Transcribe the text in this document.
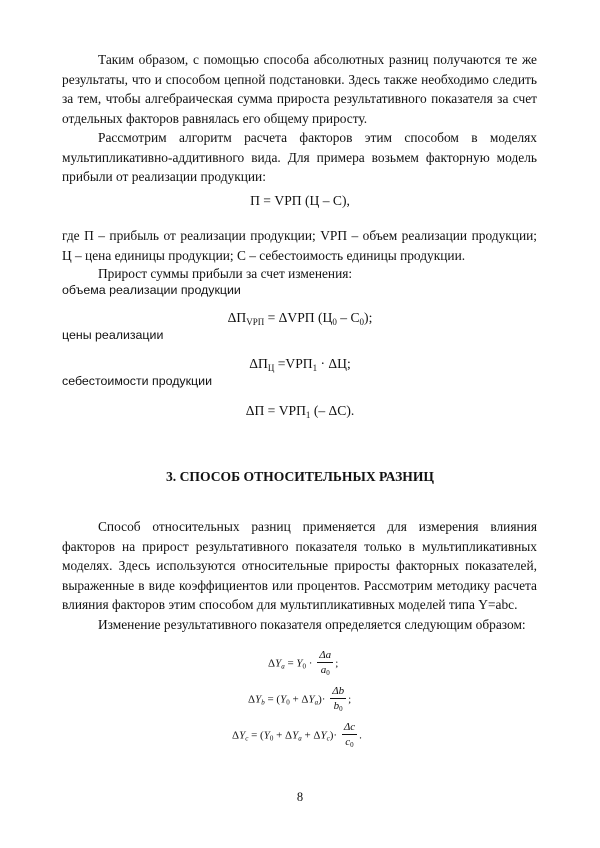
Таким образом, с помощью способа абсолютных разниц получаются те же результаты, что и способом цепной подстановки. Здесь также необходимо следить за тем, чтобы алгебраическая сумма прироста результативного показателя за счет отдельных факторов равнялась его общему приросту.

Рассмотрим алгоритм расчета факторов этим способом в моделях мультипликативно-аддитивного вида. Для примера возьмем факторную модель прибыли от реализации продукции:

П = VРП (Ц – С),

где П – прибыль от реализации продукции; VРП – объем реализации продукции; Ц – цена единицы продукции; С – себестоимость единицы продукции.

Прирост суммы прибыли за счет изменения:

объема реализации продукции

$\Delta П_{VРП} = \Delta VРП$ $(Ц_0 - С_0)$;

цены реализации

$\Delta П_Ц =VРП_1 \cdot \Delta Ц$;

себестоимости продукции

$\Delta П = VРП_1$ (– ΔС).

3. СПОСОБ ОТНОСИТЕЛЬНЫХ РАЗНИЦ

Способ относительных разниц применяется для измерения влияния факторов на прирост результативного показателя только в мультипликативных моделях. Здесь используются относительные приросты факторных показателей, выраженные в виде коэффициентов или процентов. Рассмотрим методику расчета влияния факторов этим способом для мультипликативных моделей типа Y=abc.

Изменение результативного показателя определяется следующим образом:

$\Delta Y_a = Y_0 \cdot \frac{\Delta a}{a_0}$ ;
$\Delta Y_b = (Y_0 + \Delta Y_a)\cdot \frac{\Delta b}{b_0}$ ;
$\Delta Y_c = (Y_0 + \Delta Y_a + \Delta Y_c)\cdot \frac{\Delta c}{c_0}$ .
8
